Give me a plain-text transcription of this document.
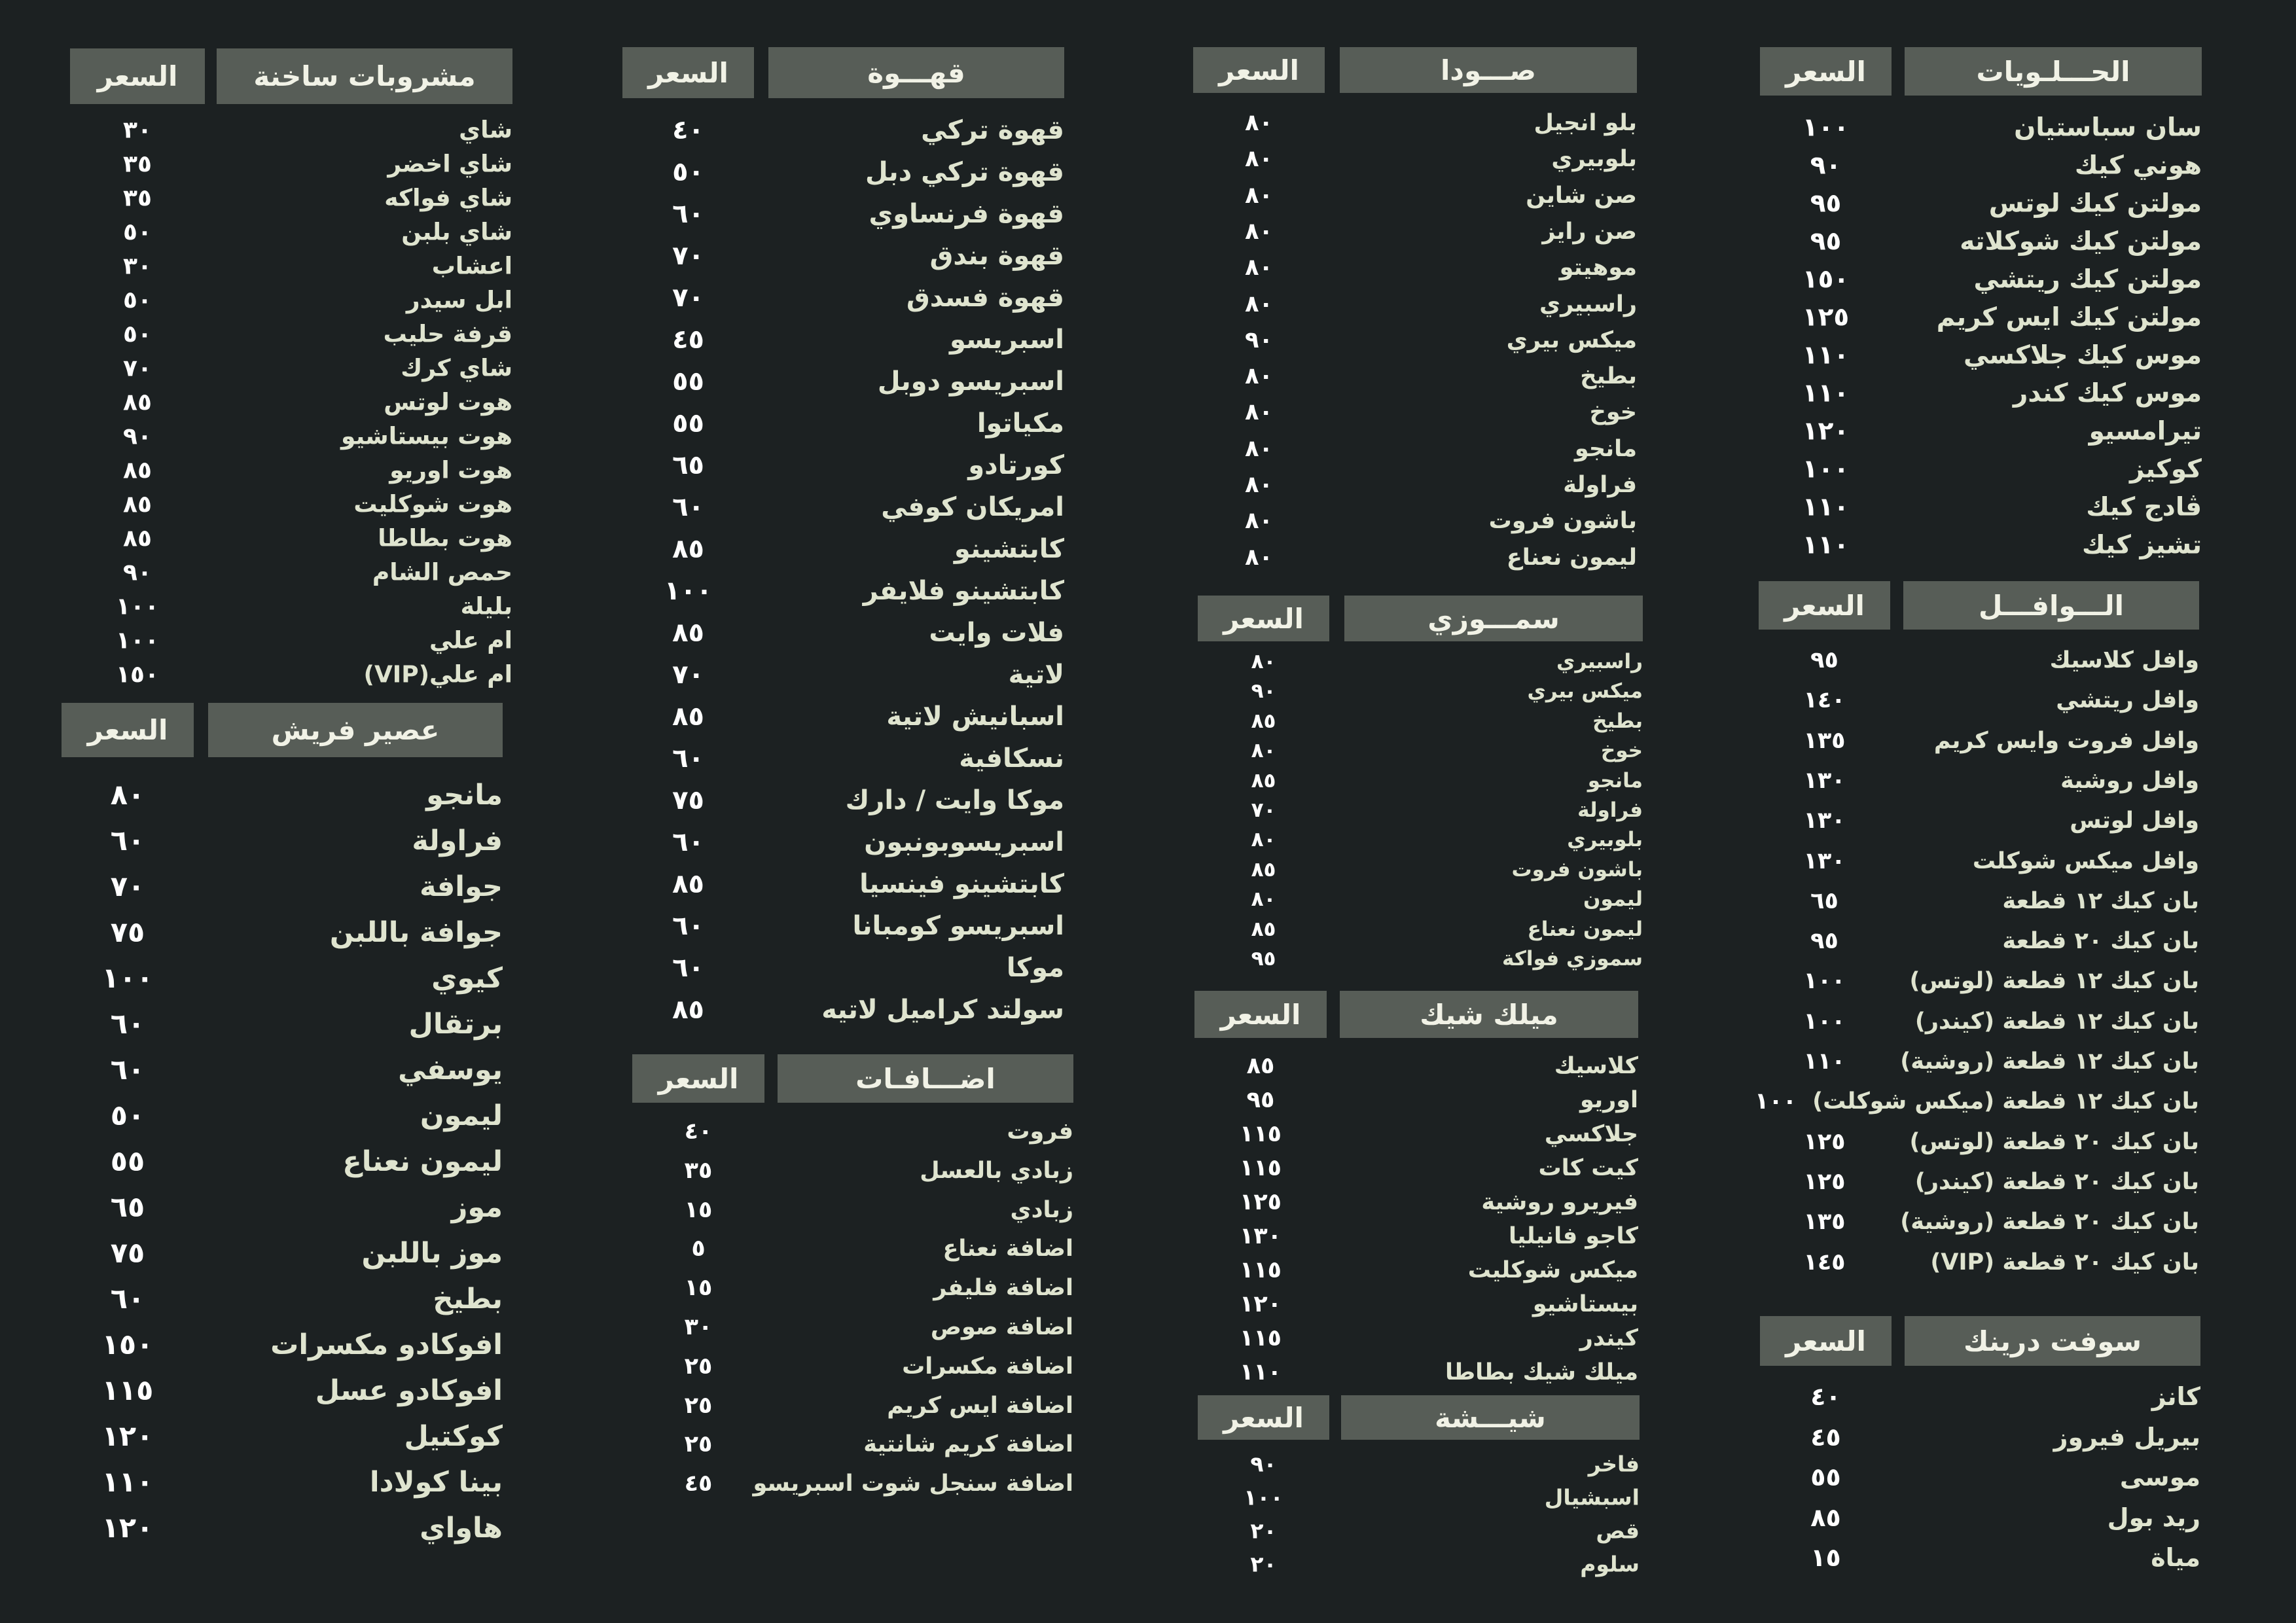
مشروبات ساخنة
السعر
شاي
٣٠
شاي اخضر
٣٥
شاي فواكه
٣٥
شاي بلبن
٥٠
اعشاب
٣٠
ابل سيدر
٥٠
قرفة حليب
٥٠
شاي كرك
٧٠
هوت لوتس
٨٥
هوت بيستاشيو
٩٠
هوت اوريو
٨٥
هوت شوكليت
٨٥
هوت بطاطا
٨٥
حمص الشام
٩٠
بليلة
١٠٠
ام علي
١٠٠
ام علي(VIP)
١٥٠
عصير فريش
السعر
مانجو
٨٠
فراولة
٦٠
جوافة
٧٠
جوافة باللبن
٧٥
كيوي
١٠٠
برتقال
٦٠
يوسفي
٦٠
ليمون
٥٠
ليمون نعناع
٥٥
موز
٦٥
موز باللبن
٧٥
بطيخ
٦٠
افوكادو مكسرات
١٥٠
افوكادو عسل
١١٥
كوكتيل
١٢٠
بينا كولادا
١١٠
هاواي
١٢٠
قهـــوة
السعر
قهوة تركي
٤٠
قهوة تركي دبل
٥٠
قهوة فرنساوي
٦٠
قهوة بندق
٧٠
قهوة فسدق
٧٠
اسبريسو
٤٥
اسبريسو دوبل
٥٥
مكياتوا
٥٥
كورتادو
٦٥
امريكان كوفي
٦٠
كابتشينو
٨٥
كابتشينو فلايفر
١٠٠
فلات وايت
٨٥
لاتية
٧٠
اسبانيش لاتية
٨٥
نسكافية
٦٠
موكا وايت / دارك
٧٥
اسبريسوبونبون
٦٠
كابتشينو فينسيا
٨٥
اسبريسو كومبانا
٦٠
موكا
٦٠
سولتد كراميل لاتيه
٨٥
اضـــافـات
السعر
فروت
٤٠
زبادي بالعسل
٣٥
زبادي
١٥
اضافة نعناع
٥
اضافة فليفر
١٥
اضافة صوص
٣٠
اضافة مكسرات
٢٥
اضافة ايس كريم
٢٥
اضافة كريم شانتية
٢٥
اضافة سنجل شوت اسبريسو
٤٥
صـــودا
السعر
بلو انجيل
٨٠
بلوبيري
٨٠
صن شاين
٨٠
صن رايز
٨٠
موهيتو
٨٠
راسبيري
٨٠
ميكس بيري
٩٠
بطيخ
٨٠
خوخ
٨٠
مانجو
٨٠
فراولة
٨٠
باشون فروت
٨٠
ليمون نعناع
٨٠
سمـــوزي
السعر
راسبيري
٨٠
ميكس بيري
٩٠
بطيخ
٨٥
خوخ
٨٠
مانجو
٨٥
فراولة
٧٠
بلوبيري
٨٠
باشون فروت
٨٥
ليمون
٨٠
ليمون نعناع
٨٥
سموزي فواكة
٩٥
ميلك شيك
السعر
كلاسيك
٨٥
اوريو
٩٥
جلاكسي
١١٥
كيت كات
١١٥
فيريرو روشية
١٢٥
كاجو فانيليا
١٣٠
ميكس شوكليت
١١٥
بيستاشيو
١٢٠
كيندر
١١٥
ميلك شيك بطاطا
١١٠
شيـــشة
السعر
فاخر
٩٠
اسبشيال
١٠٠
قص
٢٠
سلوم
٢٠
الحـــلـويات
السعر
سان سباستيان
١٠٠
هوني كيك
٩٠
مولتن كيك لوتس
٩٥
مولتن كيك شوكلاته
٩٥
مولتن كيك ريتشي
١٥٠
مولتن كيك ايس كريم
١٢٥
موس كيك جلاكسي
١١٠
موس كيك كندر
١١٠
تيرامسيو
١٢٠
كوكيز
١٠٠
ڤادج كيك
١١٠
تشيز كيك
١١٠
الـــوافـــل
السعر
وافل كلاسيك
٩٥
وافل ريتشي
١٤٠
وافل فروت وايس كريم
١٣٥
وافل روشية
١٣٠
وافل لوتس
١٣٠
وافل ميكس شوكلت
١٣٠
بان كيك ١٢ قطعة
٦٥
بان كيك ٢٠ قطعة
٩٥
بان كيك ١٢ قطعة (لوتس)
١٠٠
بان كيك ١٢ قطعة (كيندر)
١٠٠
بان كيك ١٢ قطعة (روشية)
١١٠
بان كيك ١٢ قطعة (ميكس شوكلت)
١٠٠
بان كيك ٢٠ قطعة (لوتس)
١٢٥
بان كيك ٢٠ قطعة (كيندر)
١٢٥
بان كيك ٢٠ قطعة (روشية)
١٣٥
بان كيك ٢٠ قطعة (VIP)
١٤٥
سوفت درينك
السعر
كانز
٤٠
بيريل فيروز
٤٥
موسى
٥٥
ريد بول
٨٥
مياة
١٥
